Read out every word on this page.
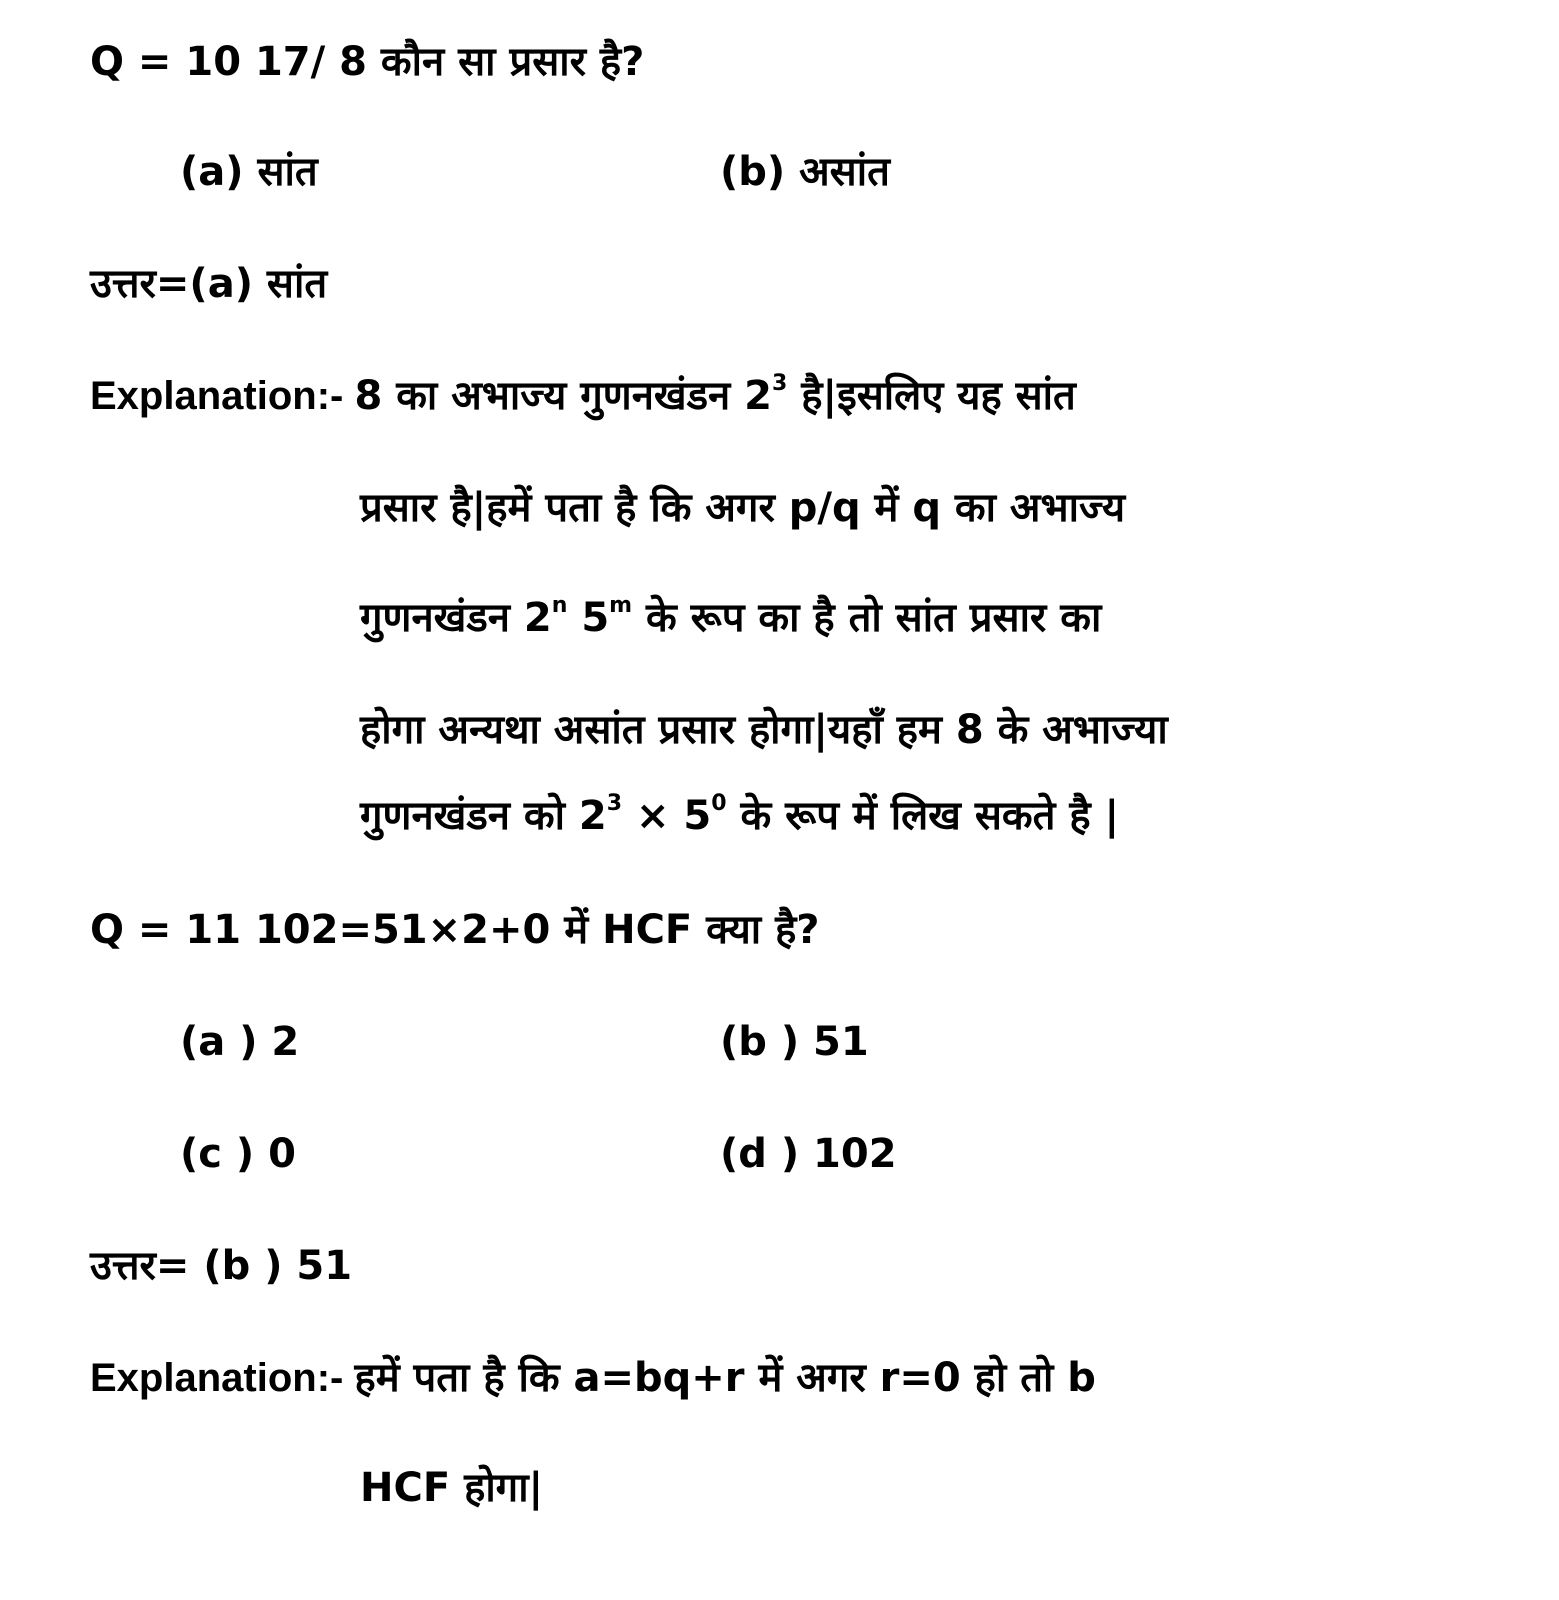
Q = 10 17/ 8 कौन सा प्रसार है?
(a) सांत	(b) असांत
उत्तर=(a) सांत
Explanation:- 8 का अभाज्य गुणनखंडन $2^3$ है|इसलिए यह सांत
प्रसार है|हमें पता है कि अगर p/q में q का अभाज्य
गुणनखंडन 2$^n$ 5$^m$ के रूप का है तो सांत प्रसार का
होगा अन्यथा असांत प्रसार होगा|यहाँ हम 8 के अभाज्या
गुणनखंडन को $2^3 \times 5^0$ के रूप में लिख सकते है |
Q = 11 102=51×2+0 में HCF क्या है?
(a ) 2	(b ) 51
(c ) 0	(d ) 102
उत्तर= (b ) 51
Explanation:- हमें पता है कि a=bq+r में अगर r=0 हो तो b
HCF होगा|
